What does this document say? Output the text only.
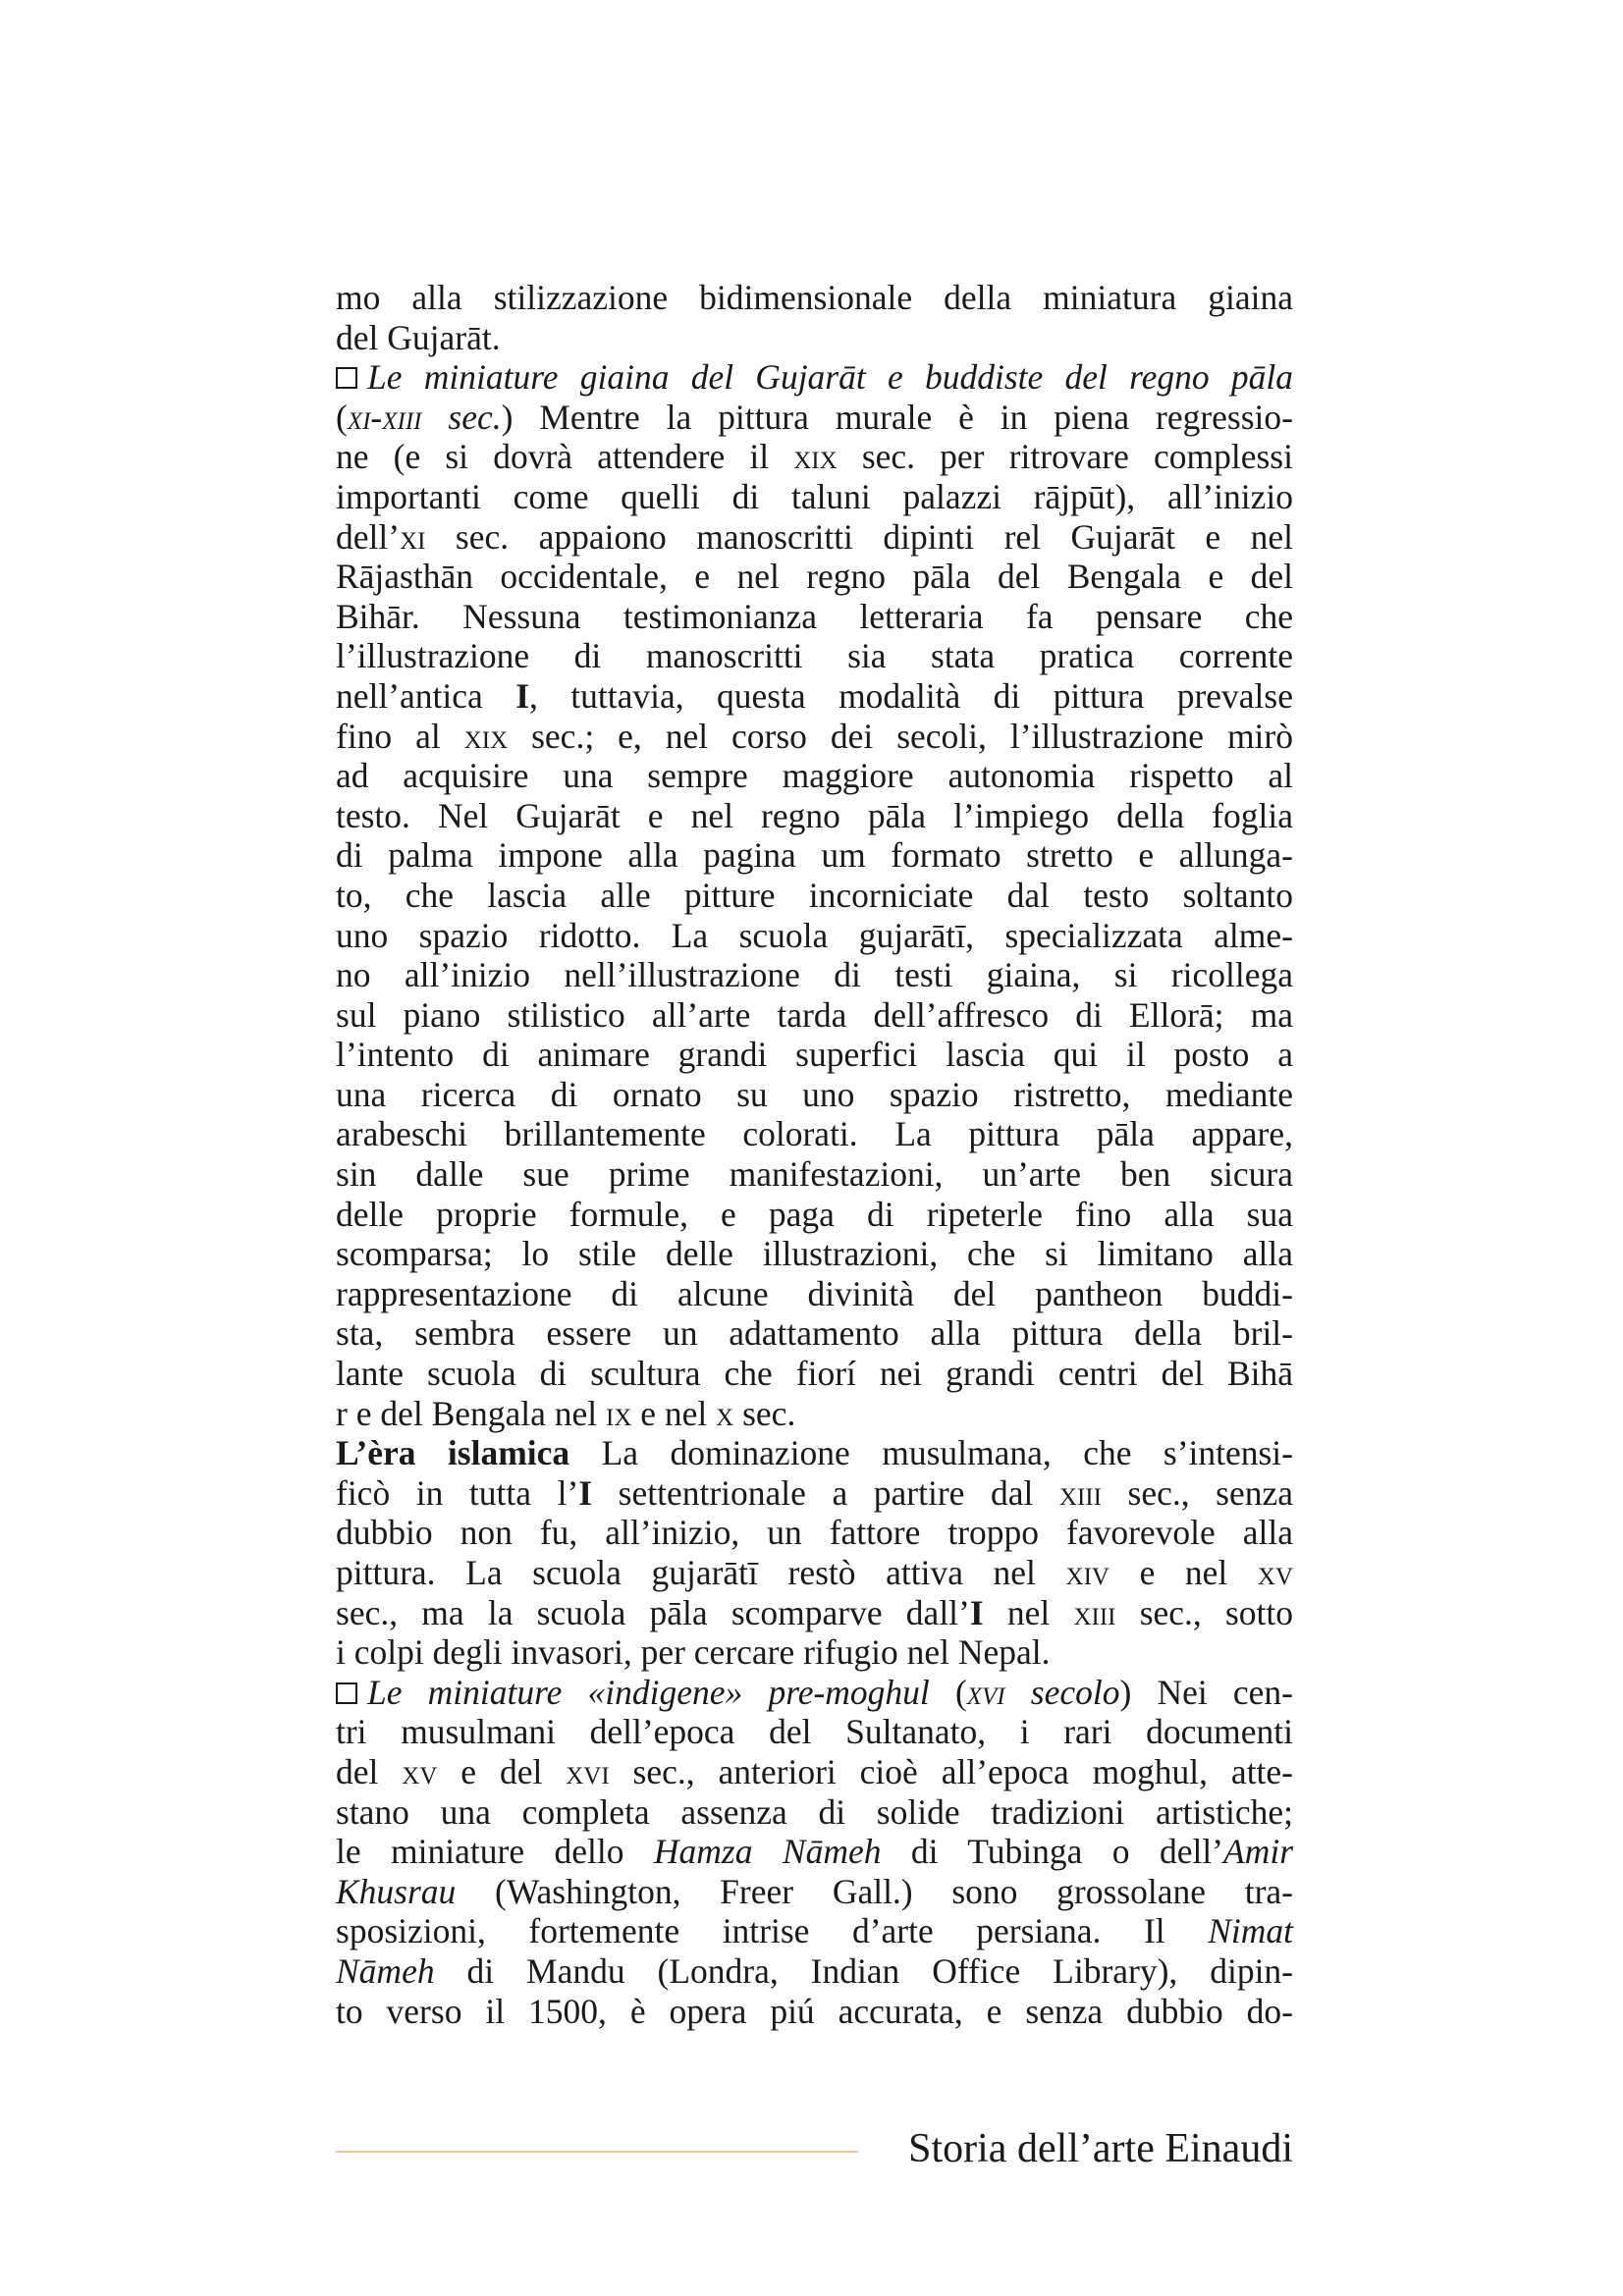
mo alla stilizzazione bidimensionale della miniatura giaina
del Gujarāt.
Le miniature giaina del Gujarāt e buddiste del regno pāla
(xi-xiii sec.) Mentre la pittura murale è in piena regressio-
ne (e si dovrà attendere il xix sec. per ritrovare complessi
importanti come quelli di taluni palazzi rājpūt), all’inizio
dell’xi sec. appaiono manoscritti dipinti rel Gujarāt e nel
Rājasthān occidentale, e nel regno pāla del Bengala e del
Bihār. Nessuna testimonianza letteraria fa pensare che
l’illustrazione di manoscritti sia stata pratica corrente
nell’antica I, tuttavia, questa modalità di pittura prevalse
fino al xix sec.; e, nel corso dei secoli, l’illustrazione mirò
ad acquisire una sempre maggiore autonomia rispetto al
testo. Nel Gujarāt e nel regno pāla l’impiego della foglia
di palma impone alla pagina um formato stretto e allunga-
to, che lascia alle pitture incorniciate dal testo soltanto
uno spazio ridotto. La scuola gujarātī, specializzata almе-
no all’inizio nell’illustrazione di testi giaina, si ricollega
sul piano stilistico all’arte tarda dell’affresco di Ellorā; ma
l’intento di animare grandi superfici lascia qui il posto a
una ricerca di ornato su uno spazio ristretto, mediante
arabeschi brillantemente colorati. La pittura pāla appare,
sin dalle sue prime manifestazioni, un’arte ben sicura
delle proprie formule, e paga di ripeterle fino alla sua
scomparsa; lo stile delle illustrazioni, che si limitano alla
rappresentazione di alcune divinità del pantheon buddi-
sta, sembra essere un adattamento alla pittura della bril-
lante scuola di scultura che fiorí nei grandi centri del Bihā
r e del Bengala nel ix e nel x sec.
L’èra islamica La dominazione musulmana, che s’intensi-
ficò in tutta l’I settentrionale a partire dal xiii sec., senza
dubbio non fu, all’inizio, un fattore troppo favorevole alla
pittura. La scuola gujarātī restò attiva nel xiv e nel xv
sec., ma la scuola pāla scomparve dall’I nel xiii sec., sotto
i colpi degli invasori, per cercare rifugio nel Nepal.
Le miniature «indigene» pre-moghul (xvi secolo) Nei cen-
tri musulmani dell’epoca del Sultanato, i rari documenti
del xv e del xvi sec., anteriori cioè all’epoca moghul, atte-
stano una completa assenza di solide tradizioni artistiche;
le miniature dello Hamza Nāmeh di Tubinga o dell’Amir
Khusrau (Washington, Freer Gall.) sono grossolane tra-
sposizioni, fortemente intrise d’arte persiana. Il Nimat
Nāmeh di Mandu (Londra, Indian Office Library), dipin-
to verso il 1500, è opera piú accurata, e senza dubbio do-
Storia dell’arte Einaudi
